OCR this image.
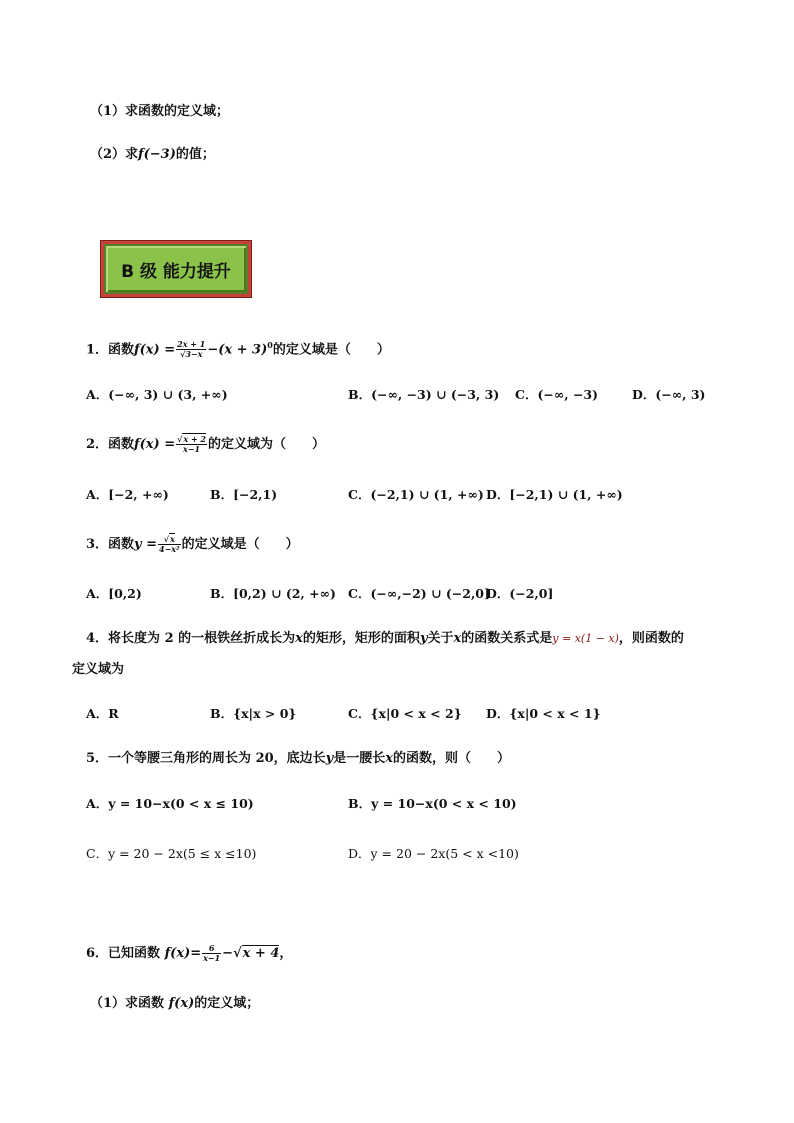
（1）求函数的定义域；
（2）求f(−3)的值；
B 级 能力提升
1．函数$f(x) = \frac{2x + 1}{√3-x} -(x + 3)^0$的定义域是（　　）
A．(−∞, 3) ∪ (3, +∞)	B．(−∞, −3) ∪ (−3, 3) C．(−∞, −3)	D．(−∞, 3)
2．函数$f(x) = \frac{√x + 2}{x-1}$ 的定义域为（　　）
A．[−2, +∞)	B．[−2,1)	C．(−2,1) ∪ (1, +∞) D．[−2,1) ∪ (1, +∞)
3．函数$y = \frac{√x}{\text{4−x²}}$ 的定义域是（　　）
A．[0,2)	B．[0,2) ∪ (2, +∞) C．(−∞,−2) ∪ (−2,0]
D．(−2,0]
4．将长度为 2 的一根铁丝折成长为x的矩形，矩形的面积y关于x的函数关系式是y = x(1 − x)，则函数的
定义域为
A．R	B．{x|x > 0}	C．{x|0 < x < 2} D．{x|0 < x < 1}
5．一个等腰三角形的周长为 20，底边长y是一腰长x的函数，则（　　）
A．y = 10−x(0 < x ≤ 10)	B．y = 10−x(0 < x < 10)
C．y = 20 − 2x(5 ≤ x ≤10)	D．y = 20 − 2x(5 < x <10)
6．已知函数 $f(x)= \frac{6}{x-1} -√x + 4$，
（1）求函数 f(x)的定义域；
